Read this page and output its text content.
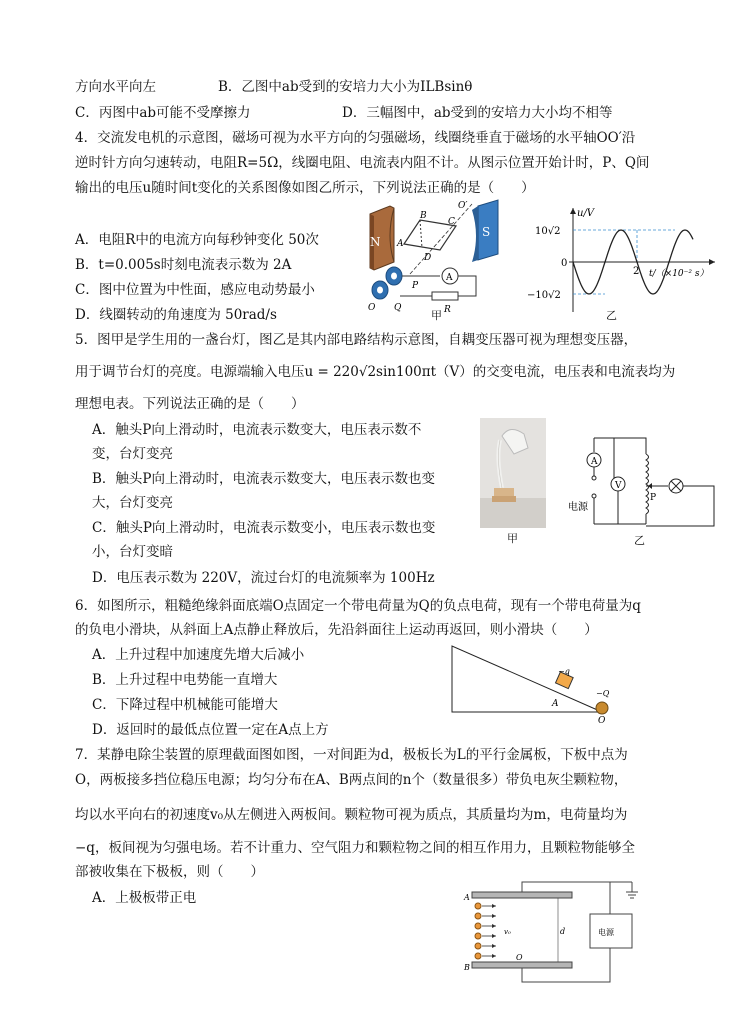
方向水平向左	B．乙图中ab受到的安培力大小为ILBsinθ
C．丙图中ab可能不受摩擦力	D．三幅图中，ab受到的安培力大小均不相等
4．交流发电机的示意图，磁场可视为水平方向的匀强磁场，线圈绕垂直于磁场的水平轴OO′沿
逆时针方向匀速转动，电阻R=5Ω，线圈电阻、电流表内阻不计。从图示位置开始计时，P、Q间
输出的电压u随时间t变化的关系图像如图乙所示，下列说法正确的是（　　）
A．电阻R中的电流方向每秒钟变化 50次
B．t=0.005s时刻电流表示数为 2A
C．图中位置为中性面，感应电动势最小
D．线圈转动的角速度为 50rad/s
N
S
B
A
C
D
O′
O Q
P
A
R
甲
u/V
t/（×10⁻² s）
10√2
−10√2
0
2
乙
5．图甲是学生用的一盏台灯，图乙是其内部电路结构示意图，自耦变压器可视为理想变压器，
用于调节台灯的亮度。电源端输入电压u = 220√2sin100πt（V）的交变电流，电压表和电流表均为
理想电表。下列说法正确的是（　　）
A．触头P向上滑动时，电流表示数变大，电压表示数不
变，台灯变亮
B．触头P向上滑动时，电流表示数变大，电压表示数也变
大，台灯变亮
C．触头P向上滑动时，电流表示数变小，电压表示数也变
小，台灯变暗
D．电压表示数为 220V，流过台灯的电流频率为 100Hz
甲
A
电源
V
P
乙
6．如图所示，粗糙绝缘斜面底端O点固定一个带电荷量为Q的负点电荷，现有一个带电荷量为q
的负电小滑块，从斜面上A点静止释放后，先沿斜面往上运动再返回，则小滑块（　　）
A．上升过程中加速度先增大后减小
B．上升过程中电势能一直增大
C．下降过程中机械能可能增大
D．返回时的最低点位置一定在A点上方
−q
A
−Q
O
7．某静电除尘装置的原理截面图如图，一对间距为d，极板长为L的平行金属板，下板中点为
O，两板接多挡位稳压电源；均匀分布在A、B两点间的n个（数量很多）带负电灰尘颗粒物，
均以水平向右的初速度v₀从左侧进入两板间。颗粒物可视为质点，其质量均为m，电荷量均为
−q，板间视为匀强电场。若不计重力、空气阻力和颗粒物之间的相互作用力，且颗粒物能够全
部被收集在下极板，则（　　）
A．上极板带正电	A
B
O
d
v₀	电源
